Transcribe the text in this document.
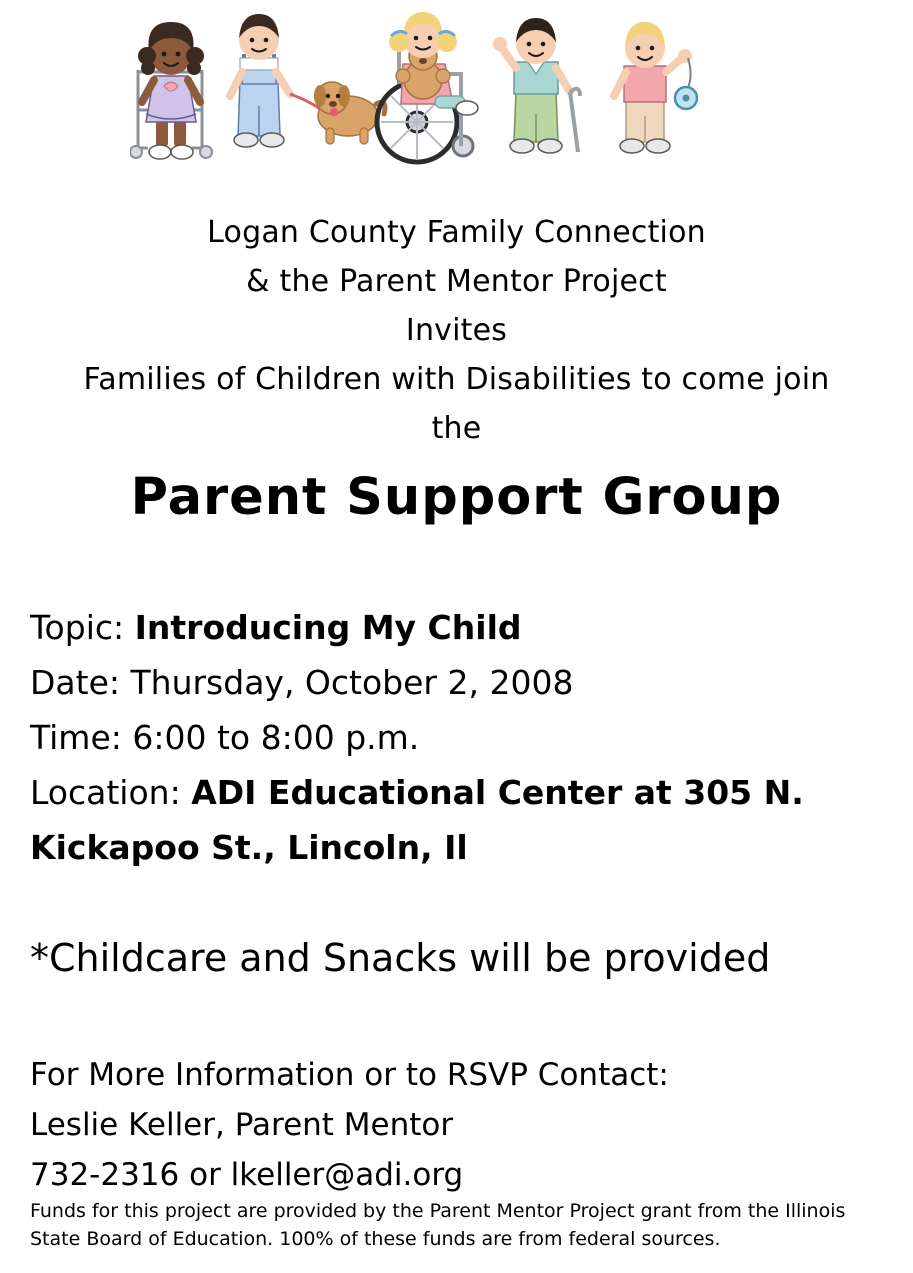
Logan County Family Connection
& the Parent Mentor Project
Invites
Families of Children with Disabilities to come join
the
Parent Support Group
Topic: Introducing My Child
Date: Thursday, October 2, 2008
Time: 6:00 to 8:00 p.m.
Location: ADI Educational Center at 305 N. Kickapoo St., Lincoln, Il
*Childcare and Snacks will be provided
For More Information or to RSVP Contact:
Leslie Keller, Parent Mentor
732-2316 or lkeller@adi.org
Funds for this project are provided by the Parent Mentor Project grant from the Illinois State Board of Education. 100% of these funds are from federal sources.
